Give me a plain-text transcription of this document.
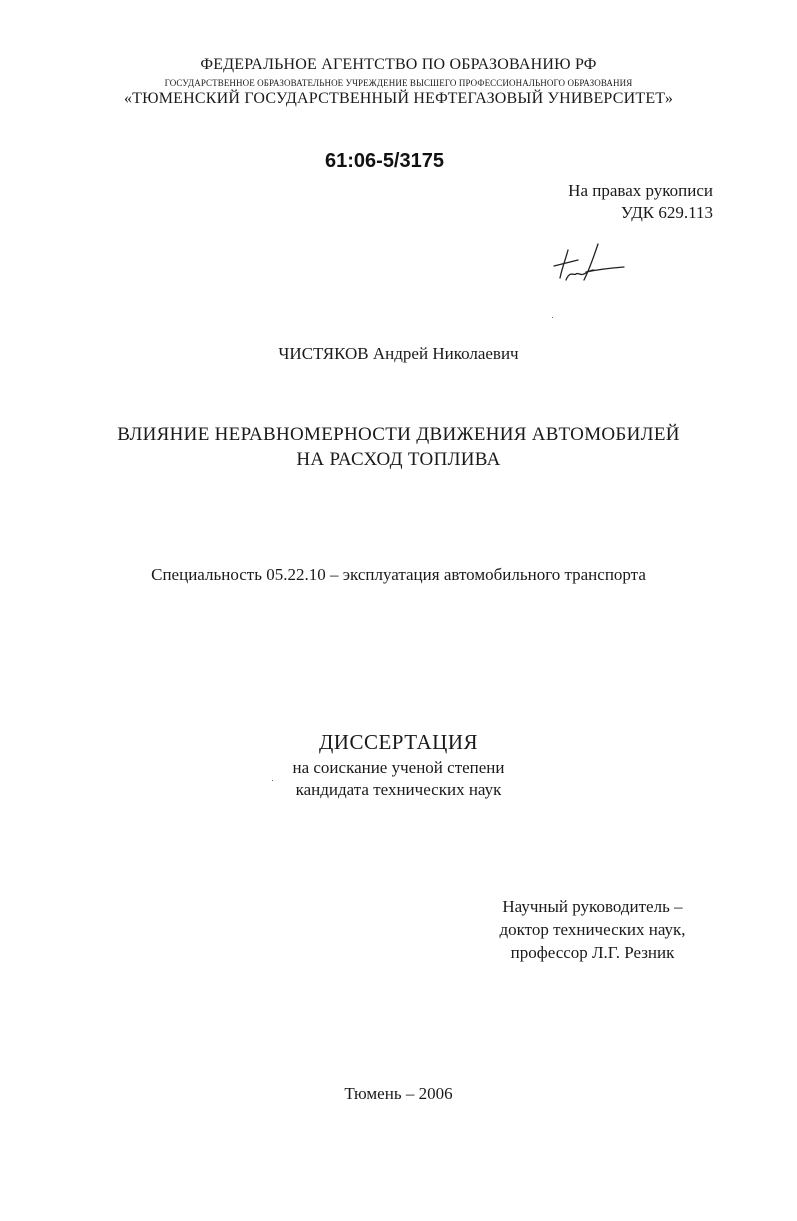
ФЕДЕРАЛЬНОЕ АГЕНТСТВО ПО ОБРАЗОВАНИЮ РФ
ГОСУДАРСТВЕННОЕ ОБРАЗОВАТЕЛЬНОЕ УЧРЕЖДЕНИЕ ВЫСШЕГО ПРОФЕССИОНАЛЬНОГО ОБРАЗОВАНИЯ
«ТЮМЕНСКИЙ ГОСУДАРСТВЕННЫЙ НЕФТЕГАЗОВЫЙ УНИВЕРСИТЕТ»
61:06-5/3175
На правах рукописи
УДК 629.113
ЧИСТЯКОВ Андрей Николаевич
ВЛИЯНИЕ НЕРАВНОМЕРНОСТИ ДВИЖЕНИЯ АВТОМОБИЛЕЙ
НА РАСХОД ТОПЛИВА
Специальность 05.22.10 – эксплуатация автомобильного транспорта
ДИССЕРТАЦИЯ
на соискание ученой степени
кандидата технических наук
Научный руководитель –
доктор технических наук,
профессор Л.Г. Резник
Тюмень – 2006
